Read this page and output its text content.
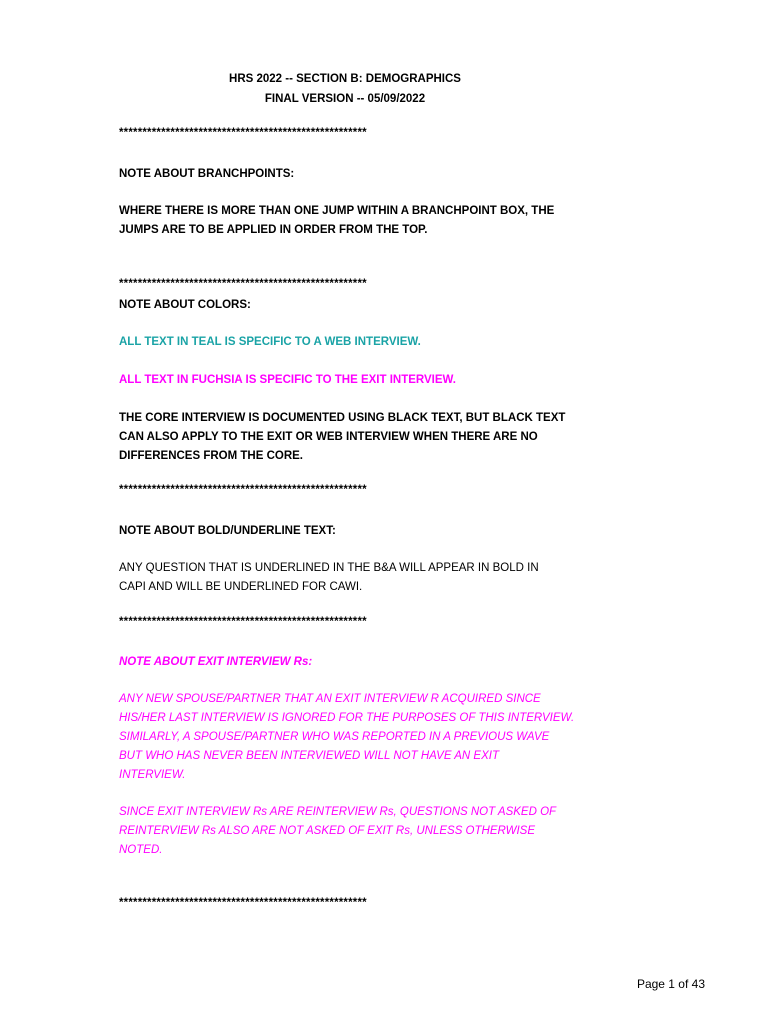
HRS 2022 -- SECTION B: DEMOGRAPHICS
FINAL VERSION -- 05/09/2022
*****************************************************
NOTE ABOUT BRANCHPOINTS:
WHERE THERE IS MORE THAN ONE JUMP WITHIN A BRANCHPOINT BOX, THE
JUMPS ARE TO BE APPLIED IN ORDER FROM THE TOP.
*****************************************************
NOTE ABOUT COLORS:
ALL TEXT IN TEAL IS SPECIFIC TO A WEB INTERVIEW.
ALL TEXT IN FUCHSIA IS SPECIFIC TO THE EXIT INTERVIEW.
THE CORE INTERVIEW IS DOCUMENTED USING BLACK TEXT, BUT BLACK TEXT
CAN ALSO APPLY TO THE EXIT OR WEB INTERVIEW WHEN THERE ARE NO
DIFFERENCES FROM THE CORE.
*****************************************************
NOTE ABOUT BOLD/UNDERLINE TEXT:
ANY QUESTION THAT IS UNDERLINED IN THE B&A WILL APPEAR IN BOLD IN
CAPI AND WILL BE UNDERLINED FOR CAWI.
*****************************************************
NOTE ABOUT EXIT INTERVIEW Rs:
ANY NEW SPOUSE/PARTNER THAT AN EXIT INTERVIEW R ACQUIRED SINCE
HIS/HER LAST INTERVIEW IS IGNORED FOR THE PURPOSES OF THIS INTERVIEW.
SIMILARLY, A SPOUSE/PARTNER WHO WAS REPORTED IN A PREVIOUS WAVE
BUT WHO HAS NEVER BEEN INTERVIEWED WILL NOT HAVE AN EXIT
INTERVIEW.
SINCE EXIT INTERVIEW Rs ARE REINTERVIEW Rs, QUESTIONS NOT ASKED OF
REINTERVIEW Rs ALSO ARE NOT ASKED OF EXIT Rs, UNLESS OTHERWISE
NOTED.
*****************************************************
Page 1 of 43
